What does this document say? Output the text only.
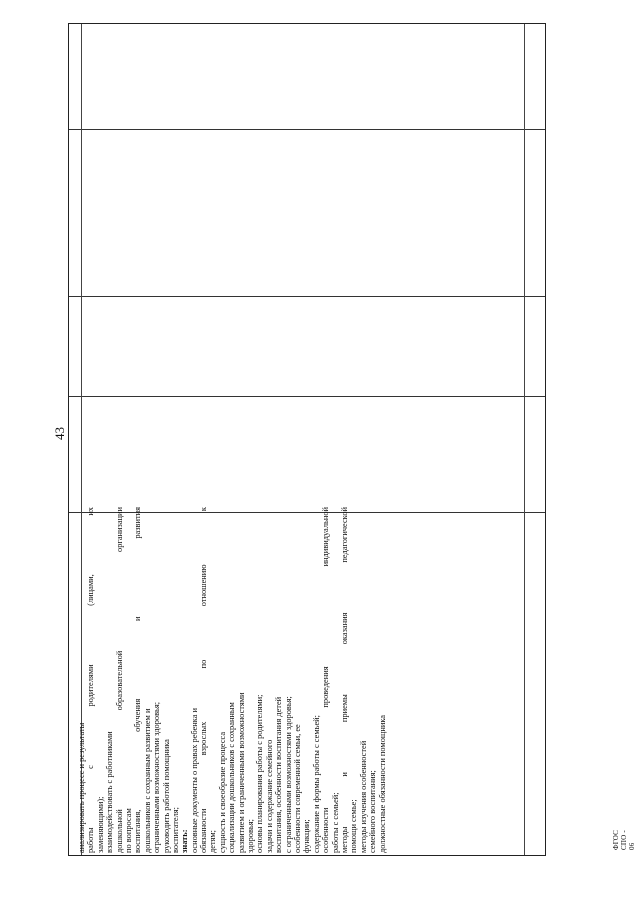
43
анализировать процесс и результаты работы с родителями (лицами, их заменяющими); взаимодействовать с работниками дошкольной образовательной организации по вопросам воспитания, обучения и развития дошкольников с сохранным развитием и ограниченными возможностями здоровья; руководить работой помощника воспитателя; знать: основные документы о правах ребенка и обязанности взрослых по отношению к детям; сущность и своеобразие процесса социализации дошкольников с сохранным развитием и ограниченными возможностями здоровья; основы планирования работы с родителями; задачи и содержание семейного воспитания, особенности воспитания детей с ограниченными возможностями здоровья; особенности современной семьи, ее функции; содержание и формы работы с семьей; особенности проведения индивидуальной работы с семьей; методы и приемы оказания педагогической помощи семье; методы изучения особенностей семейного воспитания; должностные обязанности помощника	ФГОС СПО - 06
